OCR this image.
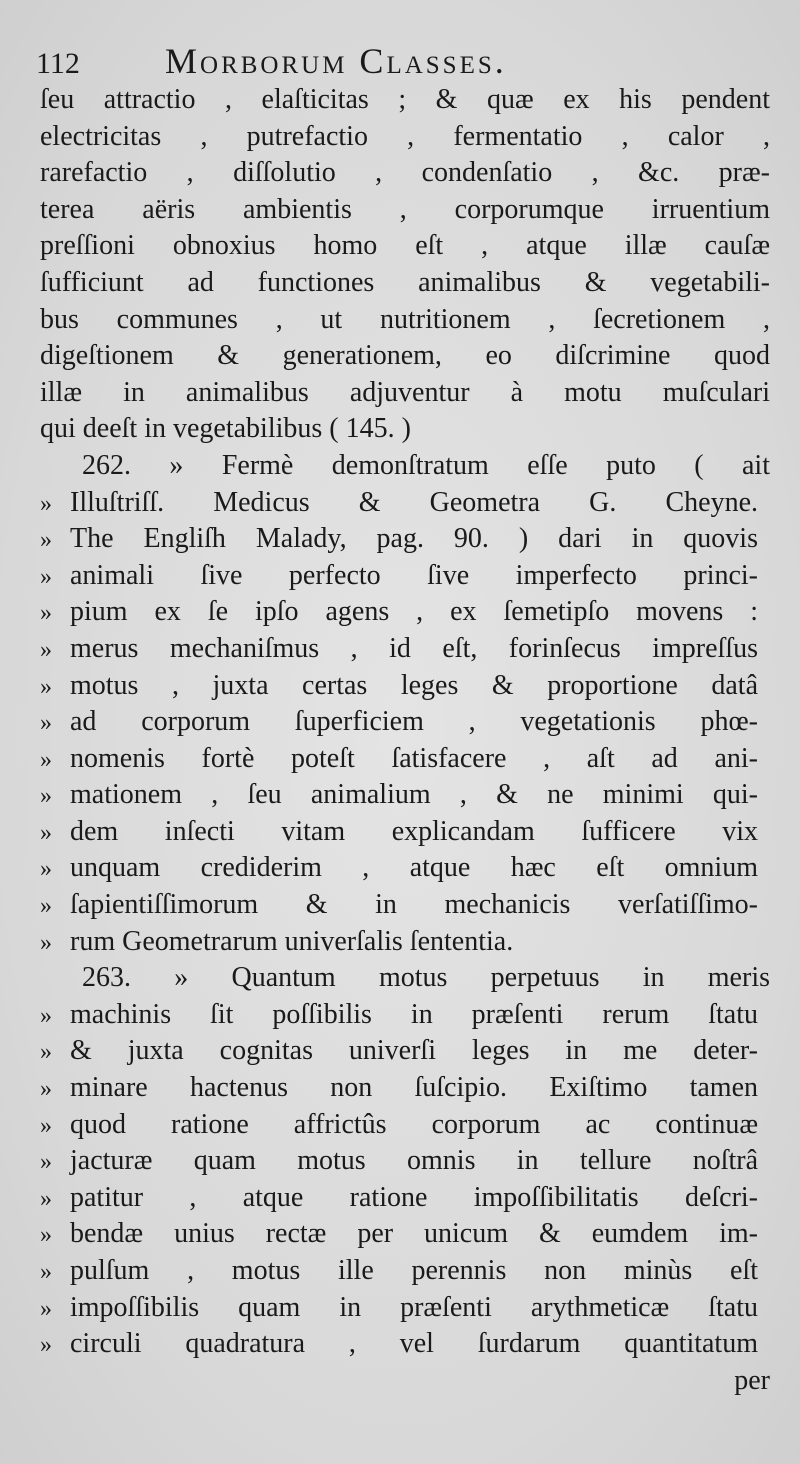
112 Morborum Classes.
ſeu attractio , elaſticitas ; & quæ ex his pendent
electricitas , putrefactio , fermentatio , calor ,
rarefactio , diſſolutio , condenſatio , &c. præ-
terea aëris ambientis , corporumque irruentium
preſſioni obnoxius homo eſt , atque illæ cauſæ
ſufficiunt ad functiones animalibus & vegetabili-
bus communes , ut nutritionem , ſecretionem ,
digeſtionem & generationem, eo diſcrimine quod
illæ in animalibus adjuventur à motu muſculari
qui deeſt in vegetabilibus ( 145. )
262. » Fermè demonſtratum eſſe puto ( ait
» Illuſtriſſ. Medicus & Geometra G. Cheyne.
» The Engliſh Malady, pag. 90. ) dari in quovis
» animali ſive perfecto ſive imperfecto princi-
» pium ex ſe ipſo agens , ex ſemetipſo movens :
» merus mechaniſmus , id eſt, forinſecus impreſſus
» motus , juxta certas leges & proportione datâ
» ad corporum ſuperficiem , vegetationis phœ-
» nomenis fortè poteſt ſatisfacere , aſt ad ani-
» mationem , ſeu animalium , & ne minimi qui-
» dem inſecti vitam explicandam ſufficere vix
» unquam crediderim , atque hæc eſt omnium
» ſapientiſſimorum & in mechanicis verſatiſſimo-
» rum Geometrarum univerſalis ſententia.
263. » Quantum motus perpetuus in meris
» machinis ſit poſſibilis in præſenti rerum ſtatu
» & juxta cognitas univerſi leges in me deter-
» minare hactenus non ſuſcipio. Exiſtimo tamen
» quod ratione affrictûs corporum ac continuæ
» jacturæ quam motus omnis in tellure noſtrâ
» patitur , atque ratione impoſſibilitatis deſcri-
» bendæ unius rectæ per unicum & eumdem im-
» pulſum , motus ille perennis non minùs eſt
» impoſſibilis quam in præſenti arythmeticæ ſtatu
» circuli quadratura , vel ſurdarum quantitatum
per
